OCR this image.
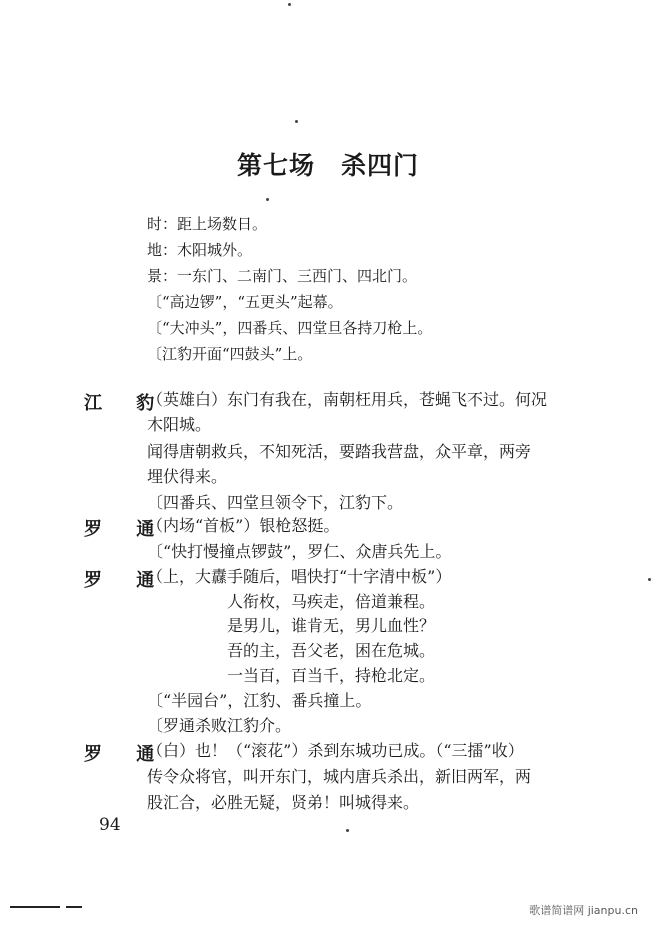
第七场　杀四门
时：距上场数日。
地：木阳城外。
景：一东门、二南门、三西门、四北门。
〔“高边锣”，“五更头”起幕。
〔“大冲头”，四番兵、四堂旦各持刀枪上。
〔江豹开面“四鼓头”上。
江 豹
（英雄白）东门有我在，南朝枉用兵，苍蝇飞不过。何况
木阳城。
闻得唐朝救兵，不知死活，要踏我营盘，众平章，两旁
埋伏得来。
〔四番兵、四堂旦领令下，江豹下。
罗 通
（内场“首板”）银枪怒挺。
〔“快打慢撞点锣鼓”，罗仁、众唐兵先上。
罗 通
（上，大纛手随后，唱快打“十字清中板”）
人衔枚，马疾走，倍道兼程。
是男儿，谁肯无，男儿血性？
吾的主，吾父老，困在危城。
一当百，百当千，持枪北定。
〔“半园台”，江豹、番兵撞上。
〔罗通杀败江豹介。
罗 通
（白）也！（“滚花”）杀到东城功已成。（“三擂”收）
传令众将官，叫开东门，城内唐兵杀出，新旧两军，两
股汇合，必胜无疑，贤弟！叫城得来。
94
歌谱简谱网 jianpu.cn
